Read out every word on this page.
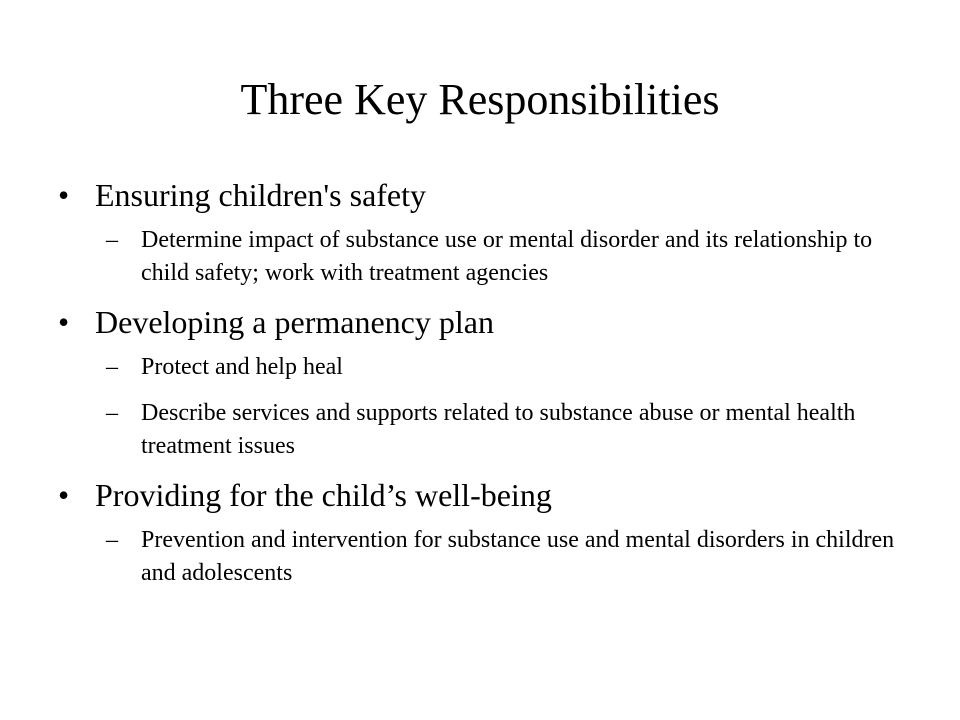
Three Key Responsibilities
• Ensuring children's safety
– Determine impact of substance use or mental disorder and its relationship to child safety; work with treatment agencies
• Developing a permanency plan
– Protect and help heal
– Describe services and supports related to substance abuse or mental health treatment issues
• Providing for the child’s well-being
– Prevention and intervention for substance use and mental disorders in children and adolescents
